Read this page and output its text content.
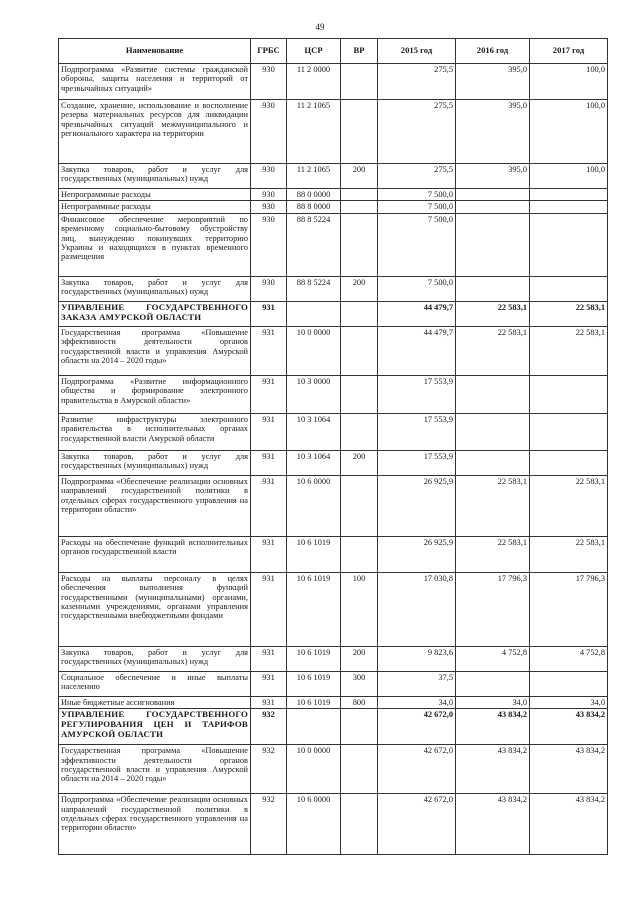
49
Наименование	ГРБС	ЦСР	ВР	2015 год	2016 год	2017 год
Подпрограмма «Развитие системы гражданской обороны, защиты населения и территорий от чрезвычайных ситуаций»	930	11 2 0000		275,5	395,0	100,0
Создание, хранение, использование и восполнение резерва материальных ресурсов для ликвидации чрезвычайных ситуаций межмуниципального и регионального характера на территории	930	11 2 1065		275,5	395,0	100,0
Закупка товаров, работ и услуг для государственных (муниципальных) нужд	930	11 2 1065	200	275,5	395,0	100,0
Непрограммные расходы	930	88 0 0000		7 500,0		
Непрограммные расходы	930	88 8 0000		7 500,0		
Финансовое обеспечение мероприятий по временному социально-бытовому обустройству лиц, вынужденно покинувших территорию Украины и находящихся в пунктах временного размещения	930	88 8 5224		7 500,0		
Закупка товаров, работ и услуг для государственных (муниципальных) нужд	930	88 8 5224	200	7 500,0		
УПРАВЛЕНИЕ ГОСУДАРСТВЕННОГО ЗАКАЗА АМУРСКОЙ ОБЛАСТИ	931			44 479,7	22 583,1	22 583,1
Государственная программа «Повышение эффективности деятельности органов государственной власти и управления Амурской области на 2014 – 2020 годы»	931	10 0 0000		44 479,7	22 583,1	22 583,1
Подпрограмма «Развитие информационного общества и формирование электронного правительства в Амурской области»	931	10 3 0000		17 553,9		
Развитие инфраструктуры электронного правительства в исполнительных органах государственной власти Амурской области	931	10 3 1064		17 553,9		
Закупка товаров, работ и услуг для государственных (муниципальных) нужд	931	10 3 1064	200	17 553,9		
Подпрограмма «Обеспечение реализации основных направлений государственной политики в отдельных сферах государственного управления на территории области»	931	10 6 0000		26 925,9	22 583,1	22 583,1
Расходы на обеспечение функций исполнительных органов государственной власти	931	10 6 1019		26 925,9	22 583,1	22 583,1
Расходы на выплаты персоналу в целях обеспечения выполнения функций государственными (муниципальными) органами, казенными учреждениями, органами управления государственными внебюджетными фондами	931	10 6 1019	100	17 030,8	17 796,3	17 796,3
Закупка товаров, работ и услуг для государственных (муниципальных) нужд	931	10 6 1019	200	9 823,6	4 752,8	4 752,8
Социальное обеспечение и иные выплаты населению	931	10 6 1019	300	37,5		
Иные бюджетные ассигнования	931	10 6 1019	800	34,0	34,0	34,0
УПРАВЛЕНИЕ ГОСУДАРСТВЕННОГО РЕГУЛИРОВАНИЯ ЦЕН И ТАРИФОВ АМУРСКОЙ ОБЛАСТИ	932			42 672,0	43 834,2	43 834,2
Государственная программа «Повышение эффективности деятельности органов государственной власти и управления Амурской области на 2014 – 2020 годы»	932	10 0 0000		42 672,0	43 834,2	43 834,2
Подпрограмма «Обеспечение реализации основных направлений государственной политики в отдельных сферах государственного управления на территории области»	932	10 6 0000		42 672,0	43 834,2	43 834,2
